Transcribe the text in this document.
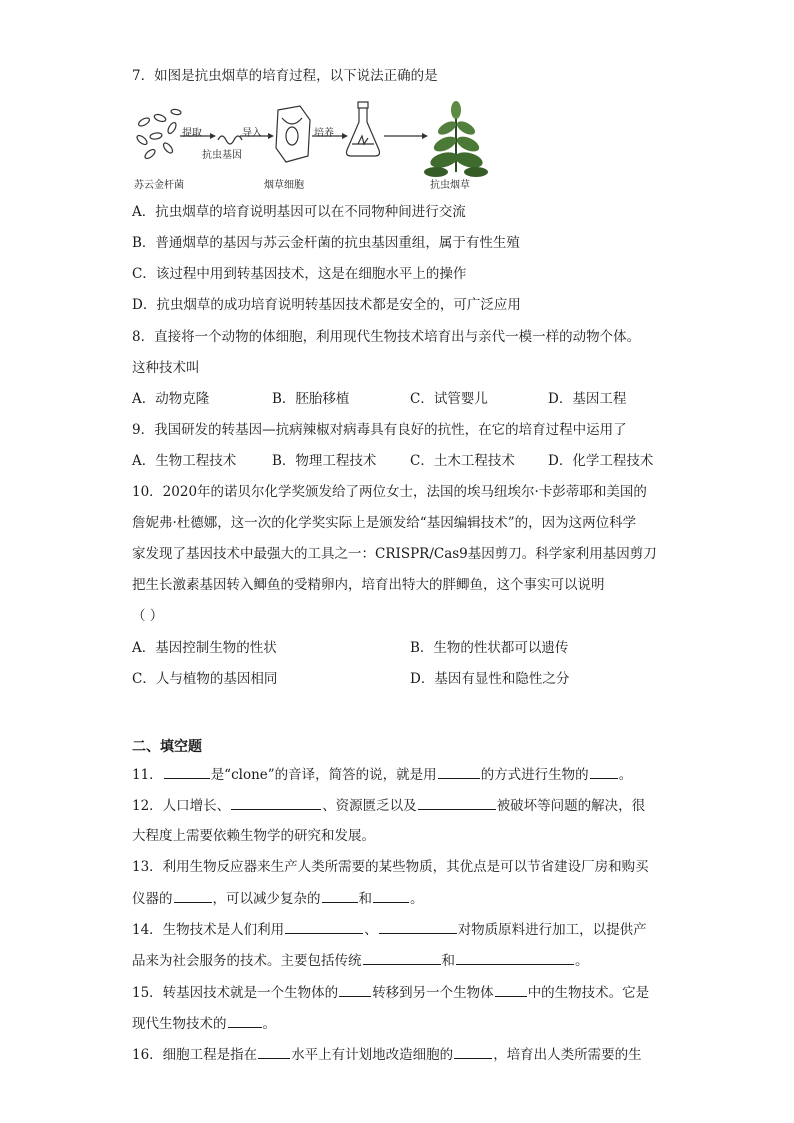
7．如图是抗虫烟草的培育过程，以下说法正确的是
苏云金杆菌
提取
抗虫基因
导入
烟草细胞
培养
抗虫烟草
A．抗虫烟草的培育说明基因可以在不同物种间进行交流
B．普通烟草的基因与苏云金杆菌的抗虫基因重组，属于有性生殖
C．该过程中用到转基因技术，这是在细胞水平上的操作
D．抗虫烟草的成功培育说明转基因技术都是安全的，可广泛应用
8．直接将一个动物的体细胞，利用现代生物技术培育出与亲代一模一样的动物个体。
这种技术叫
A．动物克隆	B．胚胎移植	C．试管婴儿	D．基因工程
9．我国研发的转基因—抗病辣椒对病毒具有良好的抗性，在它的培育过程中运用了
A．生物工程技术	B．物理工程技术 C．土木工程技术 D．化学工程技术
10．2020年的诺贝尔化学奖颁发给了两位女士，法国的埃马纽埃尔·卡彭蒂耶和美国的
詹妮弗·杜德娜，这一次的化学奖实际上是颁发给“基因编辑技术”的，因为这两位科学
家发现了基因技术中最强大的工具之一：CRISPR/Cas9基因剪刀。科学家利用基因剪刀
把生长激素基因转入鲫鱼的受精卵内，培育出特大的胖鲫鱼，这个事实可以说明
（ ）
A．基因控制生物的性状	B．生物的性状都可以遗传
C．人与植物的基因相同	D．基因有显性和隐性之分
二、填空题
11．	是“clone”的音译，简答的说，就是用	的方式进行生物的 。
12．人口增长、	、资源匮乏以及	被破坏等问题的解决，很
大程度上需要依赖生物学的研究和发展。
13．利用生物反应器来生产人类所需要的某些物质，其优点是可以节省建设厂房和购买
仪器的	，可以减少复杂的	和	。
14．生物技术是人们利用	、	对物质原料进行加工，以提供产
品来为社会服务的技术。主要包括传统	和	。
15．转基因技术就是一个生物体的	转移到另一个生物体	中的生物技术。它是
现代生物技术的	。
16．细胞工程是指在	水平上有计划地改造细胞的	，培育出人类所需要的生
